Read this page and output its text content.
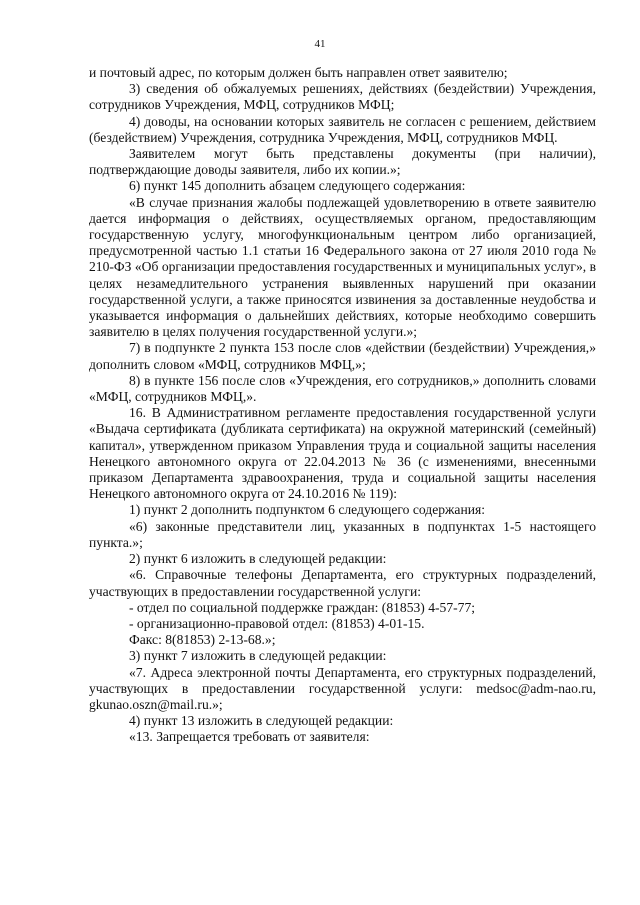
41

и почтовый адрес, по которым должен быть направлен ответ заявителю;

3) сведения об обжалуемых решениях, действиях (бездействии) Учреждения, сотрудников Учреждения, МФЦ, сотрудников МФЦ;

4) доводы, на основании которых заявитель не согласен с решением, действием (бездействием) Учреждения, сотрудника Учреждения, МФЦ, сотрудников МФЦ.

Заявителем могут быть представлены документы (при наличии), подтверждающие доводы заявителя, либо их копии.»;

6) пункт 145 дополнить абзацем следующего содержания:

«В случае признания жалобы подлежащей удовлетворению в ответе заявителю дается информация о действиях, осуществляемых органом, предоставляющим государственную услугу, многофункциональным центром либо организацией, предусмотренной частью 1.1 статьи 16 Федерального закона от 27 июля 2010 года № 210-ФЗ «Об организации предоставления государственных и муниципальных услуг», в целях незамедлительного устранения выявленных нарушений при оказании государственной услуги, а также приносятся извинения за доставленные неудобства и указывается информация о дальнейших действиях, которые необходимо совершить заявителю в целях получения государственной услуги.»;

7) в подпункте 2 пункта 153 после слов «действии (бездействии) Учреждения,» дополнить словом «МФЦ, сотрудников МФЦ,»;

8) в пункте 156 после слов «Учреждения, его сотрудников,» дополнить словами «МФЦ, сотрудников МФЦ,».

16. В Административном регламенте предоставления государственной услуги «Выдача сертификата (дубликата сертификата) на окружной материнский (семейный) капитал», утвержденном приказом Управления труда и социальной защиты населения Ненецкого автономного округа от 22.04.2013 № 36 (с изменениями, внесенными приказом Департамента здравоохранения, труда и социальной защиты населения Ненецкого автономного округа от 24.10.2016 № 119):

1) пункт 2 дополнить подпунктом 6 следующего содержания:

«6) законные представители лиц, указанных в подпунктах 1-5 настоящего пункта.»;

2) пункт 6 изложить в следующей редакции:

«6. Справочные телефоны Департамента, его структурных подразделений, участвующих в предоставлении государственной услуги:

- отдел по социальной поддержке граждан: (81853) 4-57-77;

- организационно-правовой отдел: (81853) 4-01-15.

Факс: 8(81853) 2-13-68.»;

3) пункт 7 изложить в следующей редакции:

«7. Адреса электронной почты Департамента, его структурных подразделений, участвующих в предоставлении государственной услуги: medsoc@adm-nao.ru, gkunao.oszn@mail.ru.»;

4) пункт 13 изложить в следующей редакции:

«13. Запрещается требовать от заявителя:
